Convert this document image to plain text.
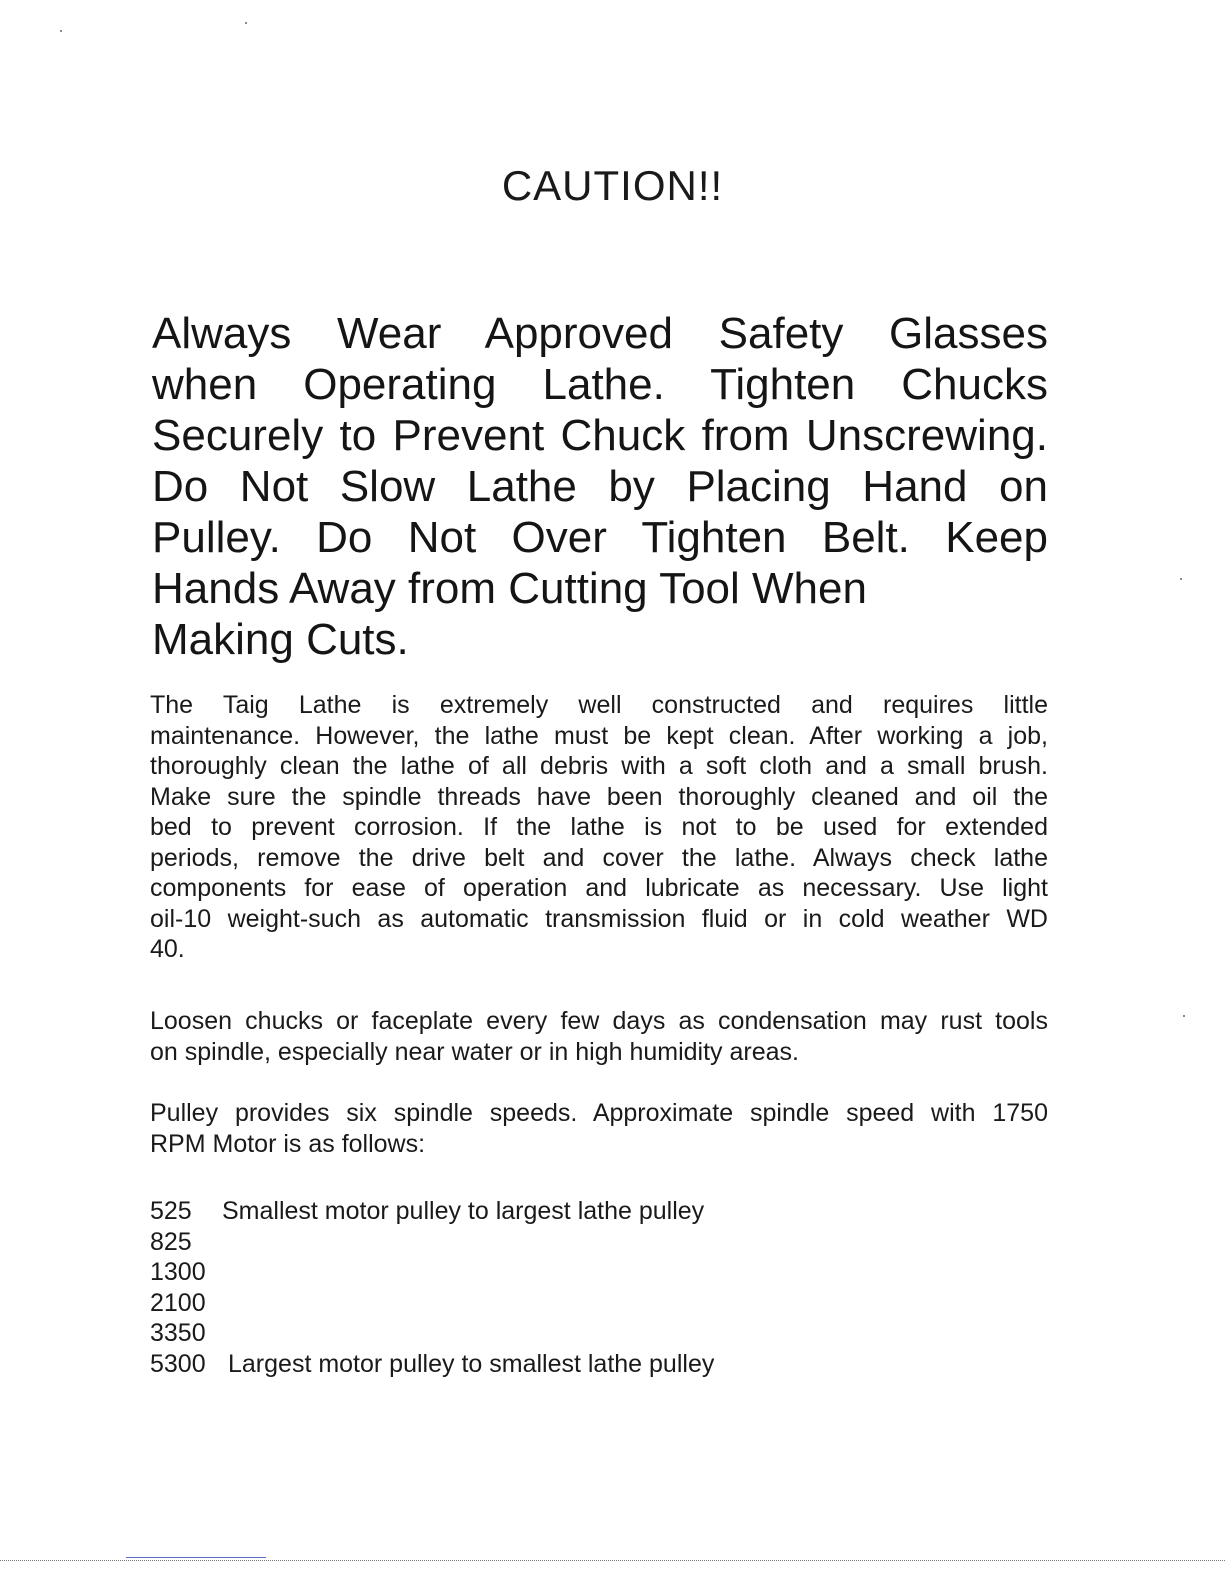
CAUTION!!
Always Wear Approved Safety Glasses
when Operating Lathe. Tighten Chucks
Securely to Prevent Chuck from Unscrewing.
Do Not Slow Lathe by Placing Hand on
Pulley. Do Not Over Tighten Belt. Keep
Hands Away from Cutting Tool When
Making Cuts.
The Taig Lathe is extremely well constructed and requires little
maintenance. However, the lathe must be kept clean. After working a job,
thoroughly clean the lathe of all debris with a soft cloth and a small brush.
Make sure the spindle threads have been thoroughly cleaned and oil the
bed to prevent corrosion. If the lathe is not to be used for extended
periods, remove the drive belt and cover the lathe. Always check lathe
components for ease of operation and lubricate as necessary. Use light
oil-10 weight-such as automatic transmission fluid or in cold weather WD
40.
Loosen chucks or faceplate every few days as condensation may rust tools
on spindle, especially near water or in high humidity areas.
Pulley provides six spindle speeds. Approximate spindle speed with 1750
RPM Motor is as follows:
525	Smallest motor pulley to largest lathe pulley
825
1300
2100
3350
5300 Largest motor pulley to smallest lathe pulley
